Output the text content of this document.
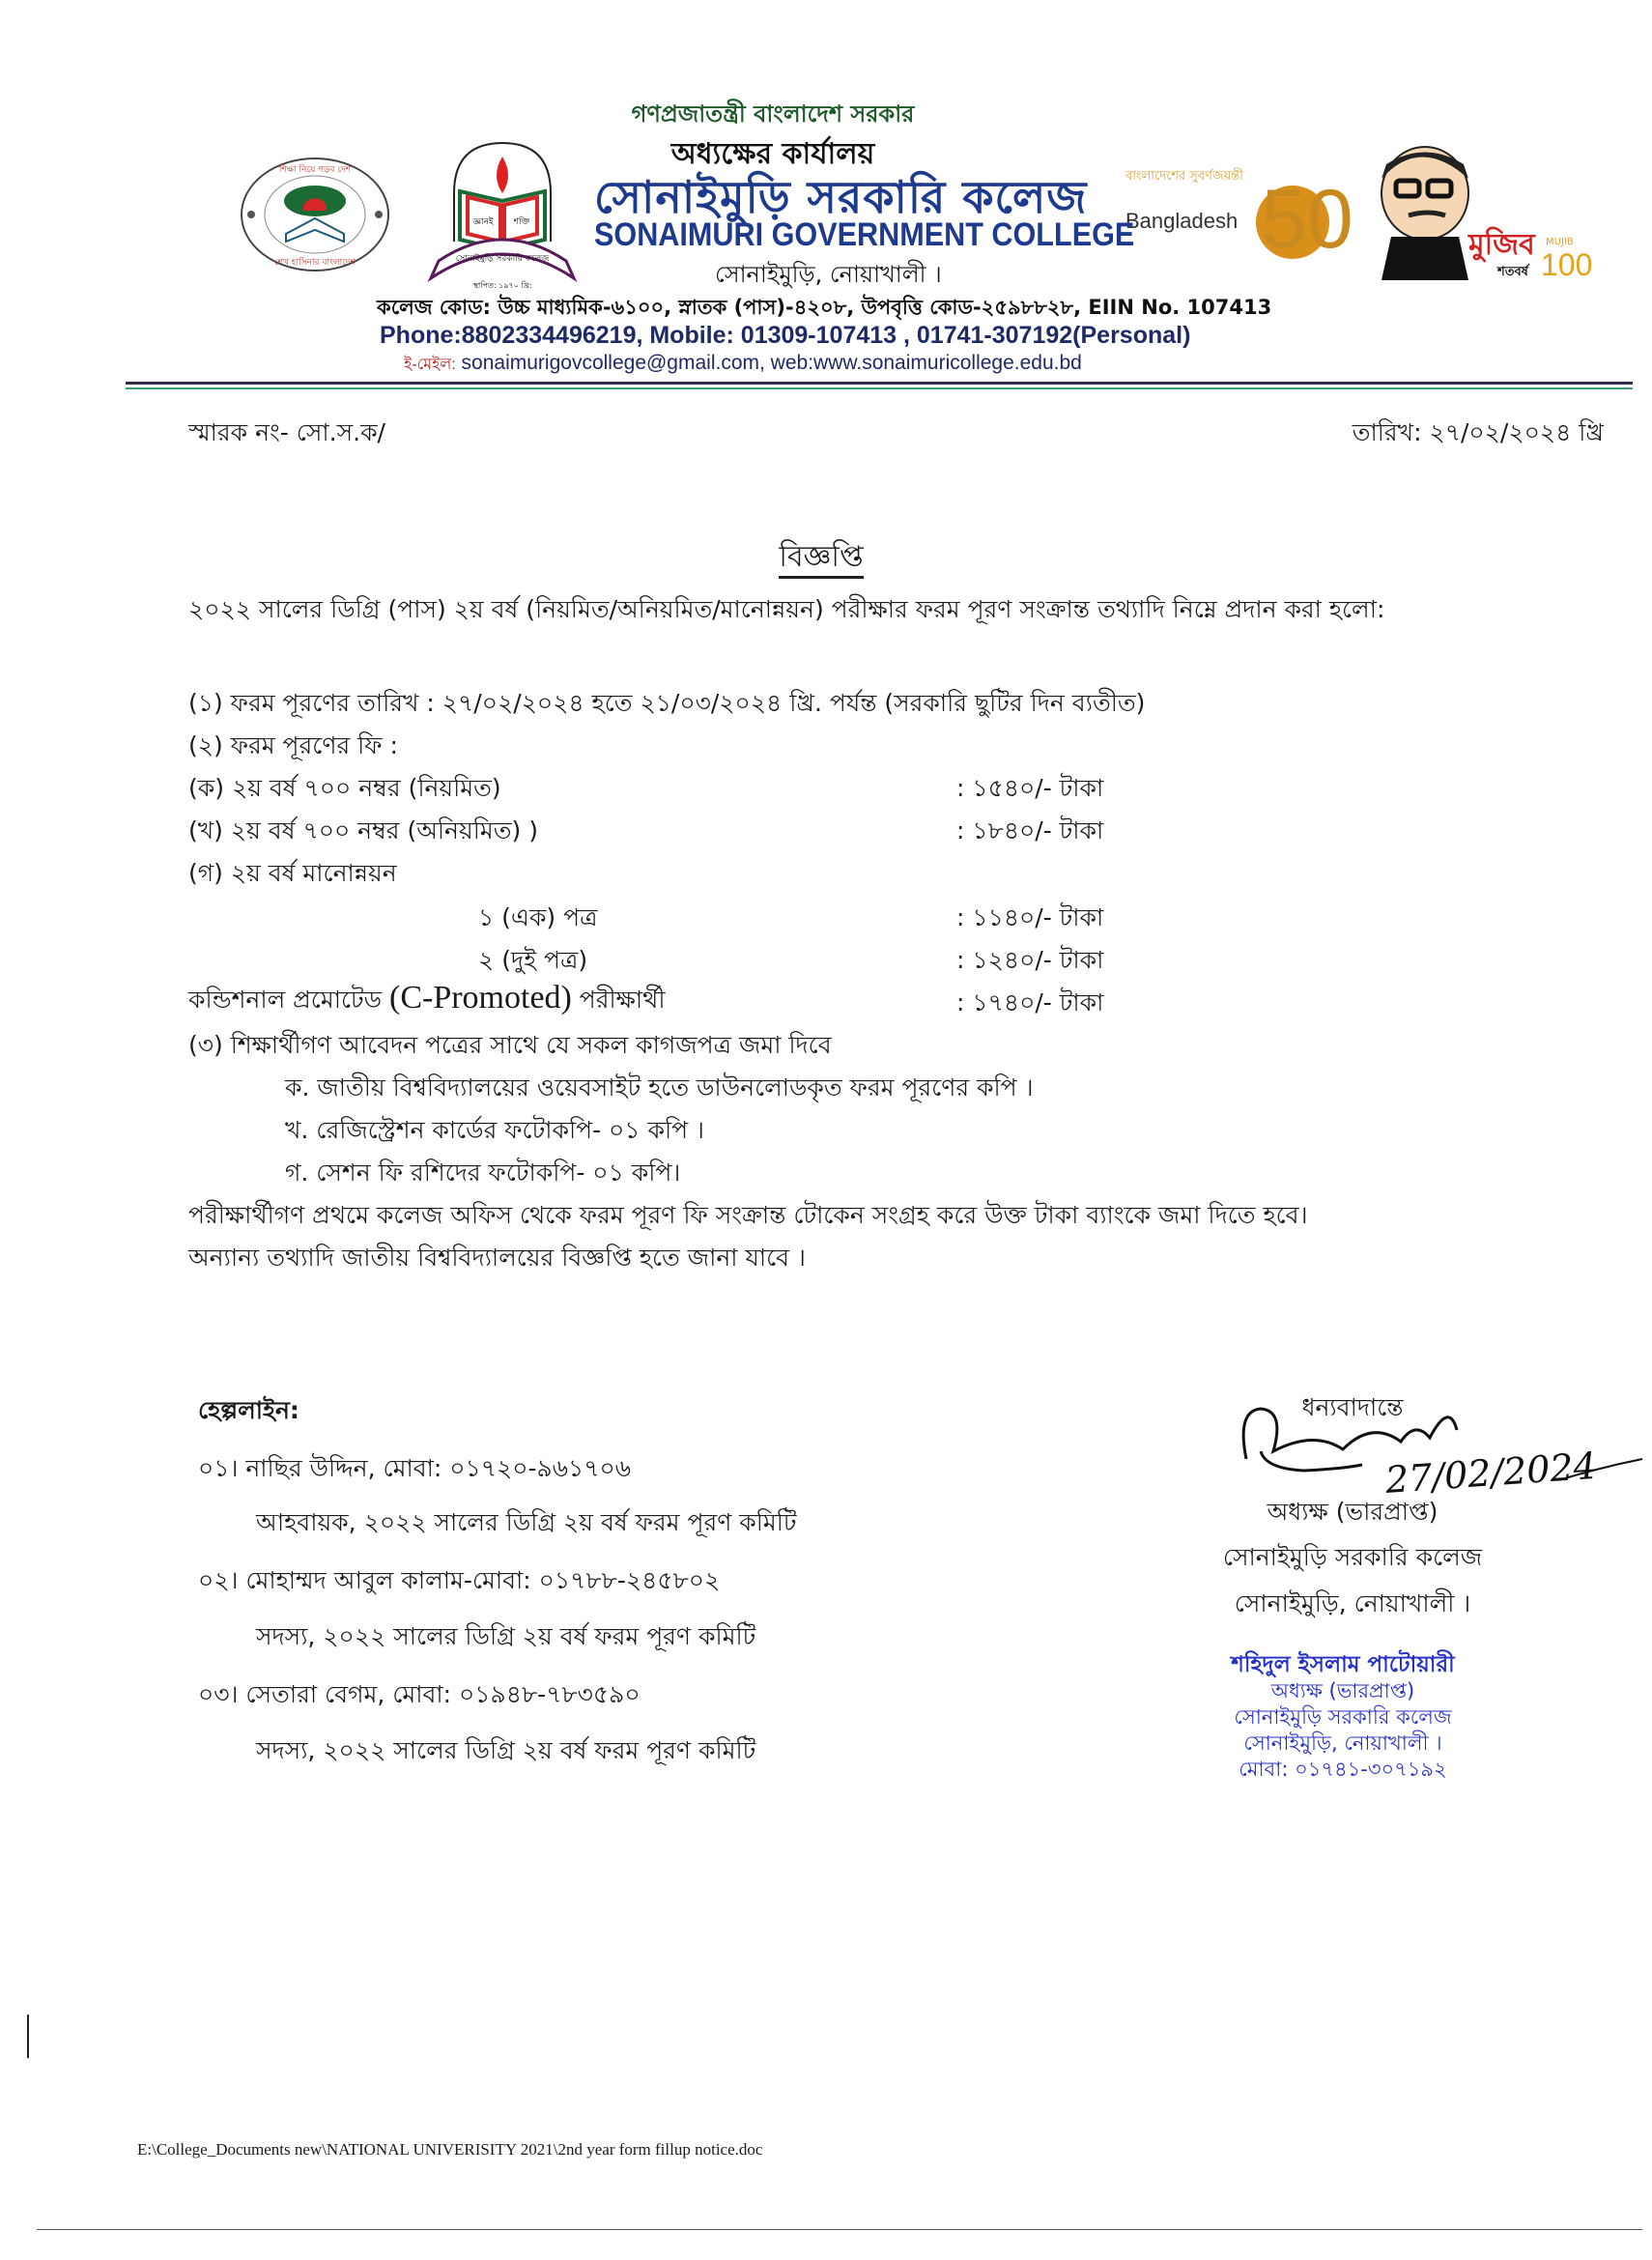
শিক্ষা নিয়ে গড়ব দেশ
শেখ হাসিনার বাংলাদেশ
জ্ঞানই শক্তি
সোনাইমুড়ি সরকারি কলেজ
স্থাপিত: ১৯৭০ খ্রি:
বাংলাদেশের সুবর্ণজয়ন্তী
Bangladesh 50	মুজিব
শতবর্ষ
MUJIB
100
গণপ্রজাতন্ত্রী বাংলাদেশ সরকার
অধ্যক্ষের কার্যালয়
সোনাইমুড়ি সরকারি কলেজ
SONAIMURI GOVERNMENT COLLEGE
সোনাইমুড়ি, নোয়াখালী ।
কলেজ কোড: উচ্চ মাধ্যমিক-৬১০০, স্নাতক (পাস)-৪২০৮, উপবৃত্তি কোড-২৫৯৮৮২৮, EIIN No. 107413
Phone:8802334496219, Mobile: 01309-107413 , 01741-307192(Personal)
ই-মেইল: sonaimurigovcollege@gmail.com, web:www.sonaimuricollege.edu.bd
স্মারক নং- সো.স.ক/	তারিখ: ২৭/০২/২০২৪ খ্রি
বিজ্ঞপ্তি
২০২২ সালের ডিগ্রি (পাস) ২য় বর্ষ (নিয়মিত/অনিয়মিত/মানোন্নয়ন) পরীক্ষার ফরম পূরণ সংক্রান্ত তথ্যাদি নিম্নে প্রদান করা হলো:
(১) ফরম পূরণের তারিখ : ২৭/০২/২০২৪ হতে ২১/০৩/২০২৪ খ্রি. পর্যন্ত (সরকারি ছুটির দিন ব্যতীত)
(২) ফরম পূরণের ফি :
(ক) ২য় বর্ষ ৭০০ নম্বর (নিয়মিত)	: ১৫৪০/- টাকা
(খ) ২য় বর্ষ ৭০০ নম্বর (অনিয়মিত) )	: ১৮৪০/- টাকা
(গ) ২য় বর্ষ মানোন্নয়ন
১ (এক) পত্র	: ১১৪০/- টাকা
২ (দুই পত্র)	: ১২৪০/- টাকা
কন্ডিশনাল প্রমোটেড (C-Promoted) পরীক্ষার্থী	: ১৭৪০/- টাকা
(৩) শিক্ষার্থীগণ আবেদন পত্রের সাথে যে সকল কাগজপত্র জমা দিবে
ক. জাতীয় বিশ্ববিদ্যালয়ের ওয়েবসাইট হতে ডাউনলোডকৃত ফরম পূরণের কপি ।
খ. রেজিস্ট্রেশন কার্ডের ফটোকপি- ০১ কপি ।
গ. সেশন ফি রশিদের ফটোকপি- ০১ কপি।
পরীক্ষার্থীগণ প্রথমে কলেজ অফিস থেকে ফরম পূরণ ফি সংক্রান্ত টোকেন সংগ্রহ করে উক্ত টাকা ব্যাংকে জমা দিতে হবে।
অন্যান্য তথ্যাদি জাতীয় বিশ্ববিদ্যালয়ের বিজ্ঞপ্তি হতে জানা যাবে ।
হেল্পলাইন:
০১। নাছির উদ্দিন, মোবা: ০১৭২০-৯৬১৭০৬
আহবায়ক, ২০২২ সালের ডিগ্রি ২য় বর্ষ ফরম পূরণ কমিটি
০২। মোহাম্মদ আবুল কালাম-মোবা: ০১৭৮৮-২৪৫৮০২
সদস্য, ২০২২ সালের ডিগ্রি ২য় বর্ষ ফরম পূরণ কমিটি
০৩। সেতারা বেগম, মোবা: ০১৯৪৮-৭৮৩৫৯০
সদস্য, ২০২২ সালের ডিগ্রি ২য় বর্ষ ফরম পূরণ কমিটি
ধন্যবাদান্তে
27/02/2024
অধ্যক্ষ (ভারপ্রাপ্ত)
সোনাইমুড়ি সরকারি কলেজ
সোনাইমুড়ি, নোয়াখালী ।
শহিদুল ইসলাম পাটোয়ারী
অধ্যক্ষ (ভারপ্রাপ্ত)
সোনাইমুড়ি সরকারি কলেজ
সোনাইমুড়ি, নোয়াখালী ।
মোবা: ০১৭৪১-৩০৭১৯২
E:\College_Documents new\NATIONAL UNIVERISITY 2021\2nd year form fillup notice.doc
